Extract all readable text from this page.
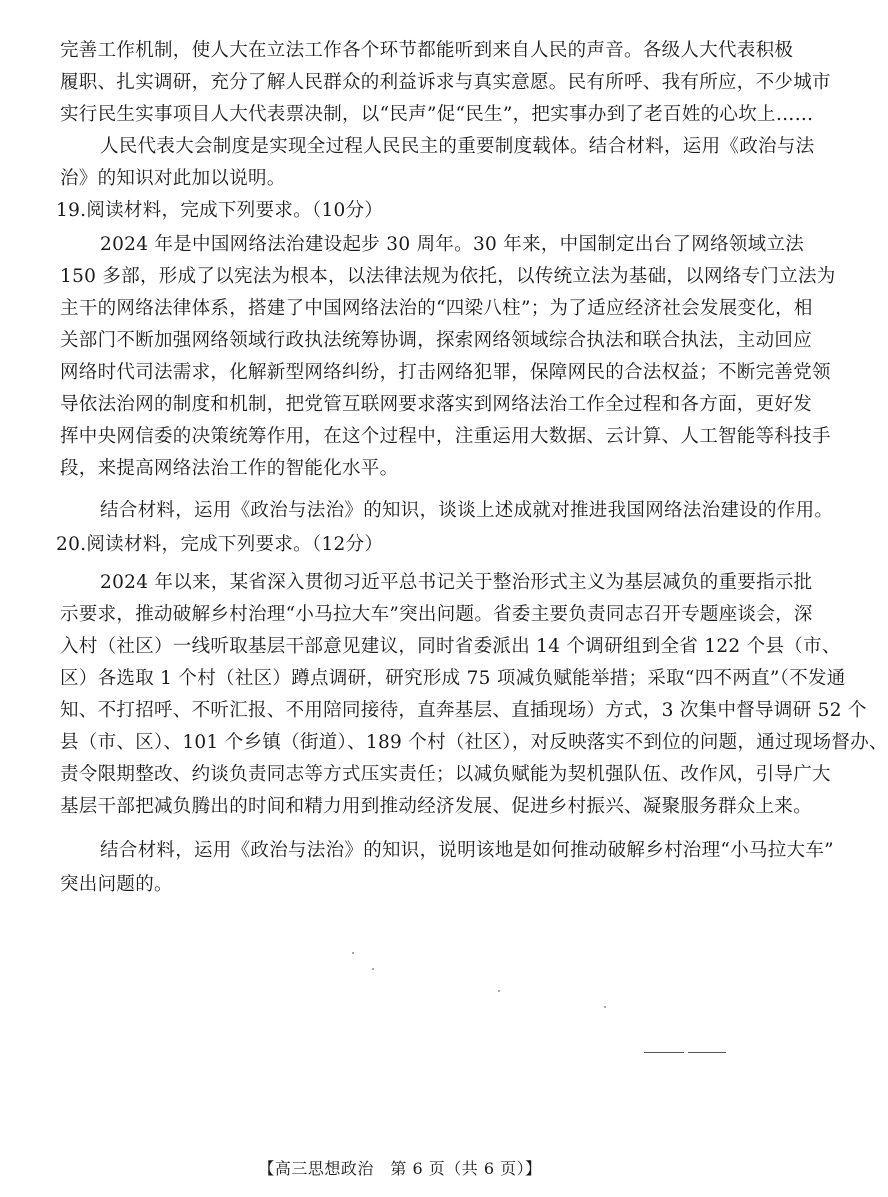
完善工作机制，使人大在立法工作各个环节都能听到来自人民的声音。各级人大代表积极
履职、扎实调研，充分了解人民群众的利益诉求与真实意愿。民有所呼、我有所应，不少城市
实行民生实事项目人大代表票决制，以“民声”促“民生”，把实事办到了老百姓的心坎上……
人民代表大会制度是实现全过程人民民主的重要制度载体。结合材料，运用《政治与法
治》的知识对此加以说明。
19.阅读材料，完成下列要求。（10分）
2024 年是中国网络法治建设起步 30 周年。30 年来，中国制定出台了网络领域立法
150 多部，形成了以宪法为根本，以法律法规为依托，以传统立法为基础，以网络专门立法为
主干的网络法律体系，搭建了中国网络法治的“四梁八柱”；为了适应经济社会发展变化，相
关部门不断加强网络领域行政执法统筹协调，探索网络领域综合执法和联合执法，主动回应
网络时代司法需求，化解新型网络纠纷，打击网络犯罪，保障网民的合法权益；不断完善党领
导依法治网的制度和机制，把党管互联网要求落实到网络法治工作全过程和各方面，更好发
挥中央网信委的决策统筹作用，在这个过程中，注重运用大数据、云计算、人工智能等科技手
段，来提高网络法治工作的智能化水平。
结合材料，运用《政治与法治》的知识，谈谈上述成就对推进我国网络法治建设的作用。
20.阅读材料，完成下列要求。（12分）
2024 年以来，某省深入贯彻习近平总书记关于整治形式主义为基层减负的重要指示批
示要求，推动破解乡村治理“小马拉大车”突出问题。省委主要负责同志召开专题座谈会，深
入村（社区）一线听取基层干部意见建议，同时省委派出 14 个调研组到全省 122 个县（市、
区）各选取 1 个村（社区）蹲点调研，研究形成 75 项减负赋能举措；采取“四不两直”（不发通
知、不打招呼、不听汇报、不用陪同接待，直奔基层、直插现场）方式，3 次集中督导调研 52 个
县（市、区）、101 个乡镇（街道）、189 个村（社区），对反映落实不到位的问题，通过现场督办、
责令限期整改、约谈负责同志等方式压实责任；以减负赋能为契机强队伍、改作风，引导广大
基层干部把减负腾出的时间和精力用到推动经济发展、促进乡村振兴、凝聚服务群众上来。
结合材料，运用《政治与法治》的知识，说明该地是如何推动破解乡村治理“小马拉大车”
突出问题的。
【高三思想政治　第 6 页（共 6 页）】
